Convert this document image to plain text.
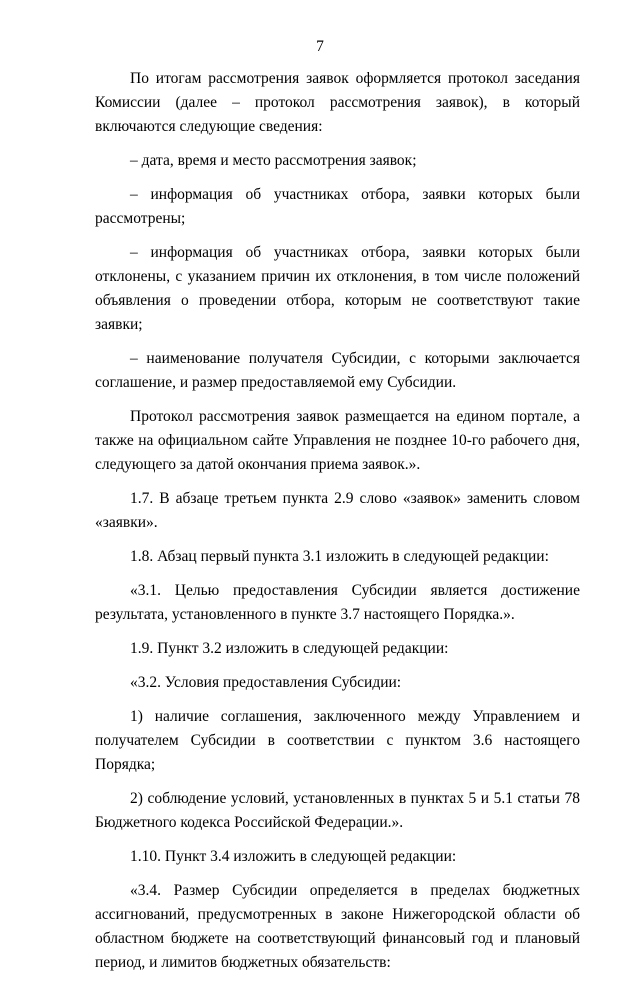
7

По итогам рассмотрения заявок оформляется протокол заседания Комиссии (далее – протокол рассмотрения заявок), в который включаются следующие сведения:

– дата, время и место рассмотрения заявок;

– информация об участниках отбора, заявки которых были рассмотрены;

– информация об участниках отбора, заявки которых были отклонены, с указанием причин их отклонения, в том числе положений объявления о проведении отбора, которым не соответствуют такие заявки;

– наименование получателя Субсидии, с которыми заключается соглашение, и размер предоставляемой ему Субсидии.

Протокол рассмотрения заявок размещается на едином портале, а также на официальном сайте Управления не позднее 10-го рабочего дня, следующего за датой окончания приема заявок.».

1.7. В абзаце третьем пункта 2.9 слово «заявок» заменить словом «заявки».

1.8. Абзац первый пункта 3.1 изложить в следующей редакции:

«3.1. Целью предоставления Субсидии является достижение результата, установленного в пункте 3.7 настоящего Порядка.».

1.9. Пункт 3.2 изложить в следующей редакции:

«3.2. Условия предоставления Субсидии:

1) наличие соглашения, заключенного между Управлением и получателем Субсидии в соответствии с пунктом 3.6 настоящего Порядка;

2) соблюдение условий, установленных в пунктах 5 и 5.1 статьи 78 Бюджетного кодекса Российской Федерации.».

1.10. Пункт 3.4 изложить в следующей редакции:

«3.4. Размер Субсидии определяется в пределах бюджетных ассигнований, предусмотренных в законе Нижегородской области об областном бюджете на соответствующий финансовый год и плановый период, и лимитов бюджетных обязательств:
